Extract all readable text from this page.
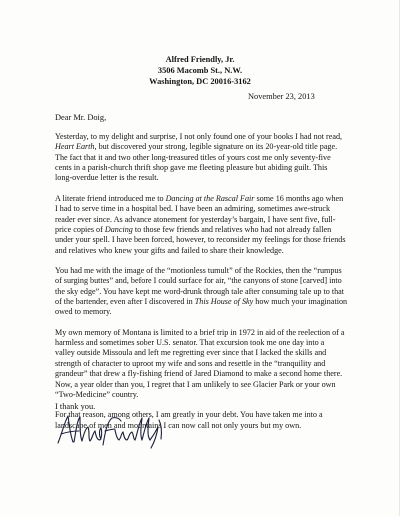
Alfred Friendly, Jr.
3506 Macomb St., N.W.
Washington, DC 20016-3162
November 23, 2013
Dear Mr. Doig,
Yesterday, to my delight and surprise, I not only found one of your books I had not read,
Heart Earth, but discovered your strong, legible signature on its 20-year-old title page.
The fact that it and two other long-treasured titles of yours cost me only seventy-five
cents in a parish-church thrift shop gave me fleeting pleasure but abiding guilt. This
long-overdue letter is the result.
A literate friend introduced me to Dancing at the Rascal Fair some 16 months ago when
I had to serve time in a hospital bed. I have been an admiring, sometimes awe-struck
reader ever since. As advance atonement for yesterday’s bargain, I have sent five, full-
price copies of Dancing to those few friends and relatives who had not already fallen
under your spell. I have been forced, however, to reconsider my feelings for those friends
and relatives who knew your gifts and failed to share their knowledge.
You had me with the image of the “motionless tumult” of the Rockies, then the “rumpus
of surging buttes” and, before I could surface for air, “the canyons of stone [carved] into
the sky edge”. You have kept me word-drunk through tale after consuming tale up to that
of the bartender, even after I discovered in This House of Sky how much your imagination
owed to memory.
My own memory of Montana is limited to a brief trip in 1972 in aid of the reelection of a
harmless and sometimes sober U.S. senator. That excursion took me one day into a
valley outside Missoula and left me regretting ever since that I lacked the skills and
strength of character to uproot my wife and sons and resettle in the “tranquility and
grandeur” that drew a fly-fishing friend of Jared Diamond to make a second home there.
Now, a year older than you, I regret that I am unlikely to see Glacier Park or your own
“Two-Medicine” country.
For that reason, among others, I am greatly in your debt. You have taken me into a
landscape of men and mountains I can now call not only yours but my own.
I thank you.
